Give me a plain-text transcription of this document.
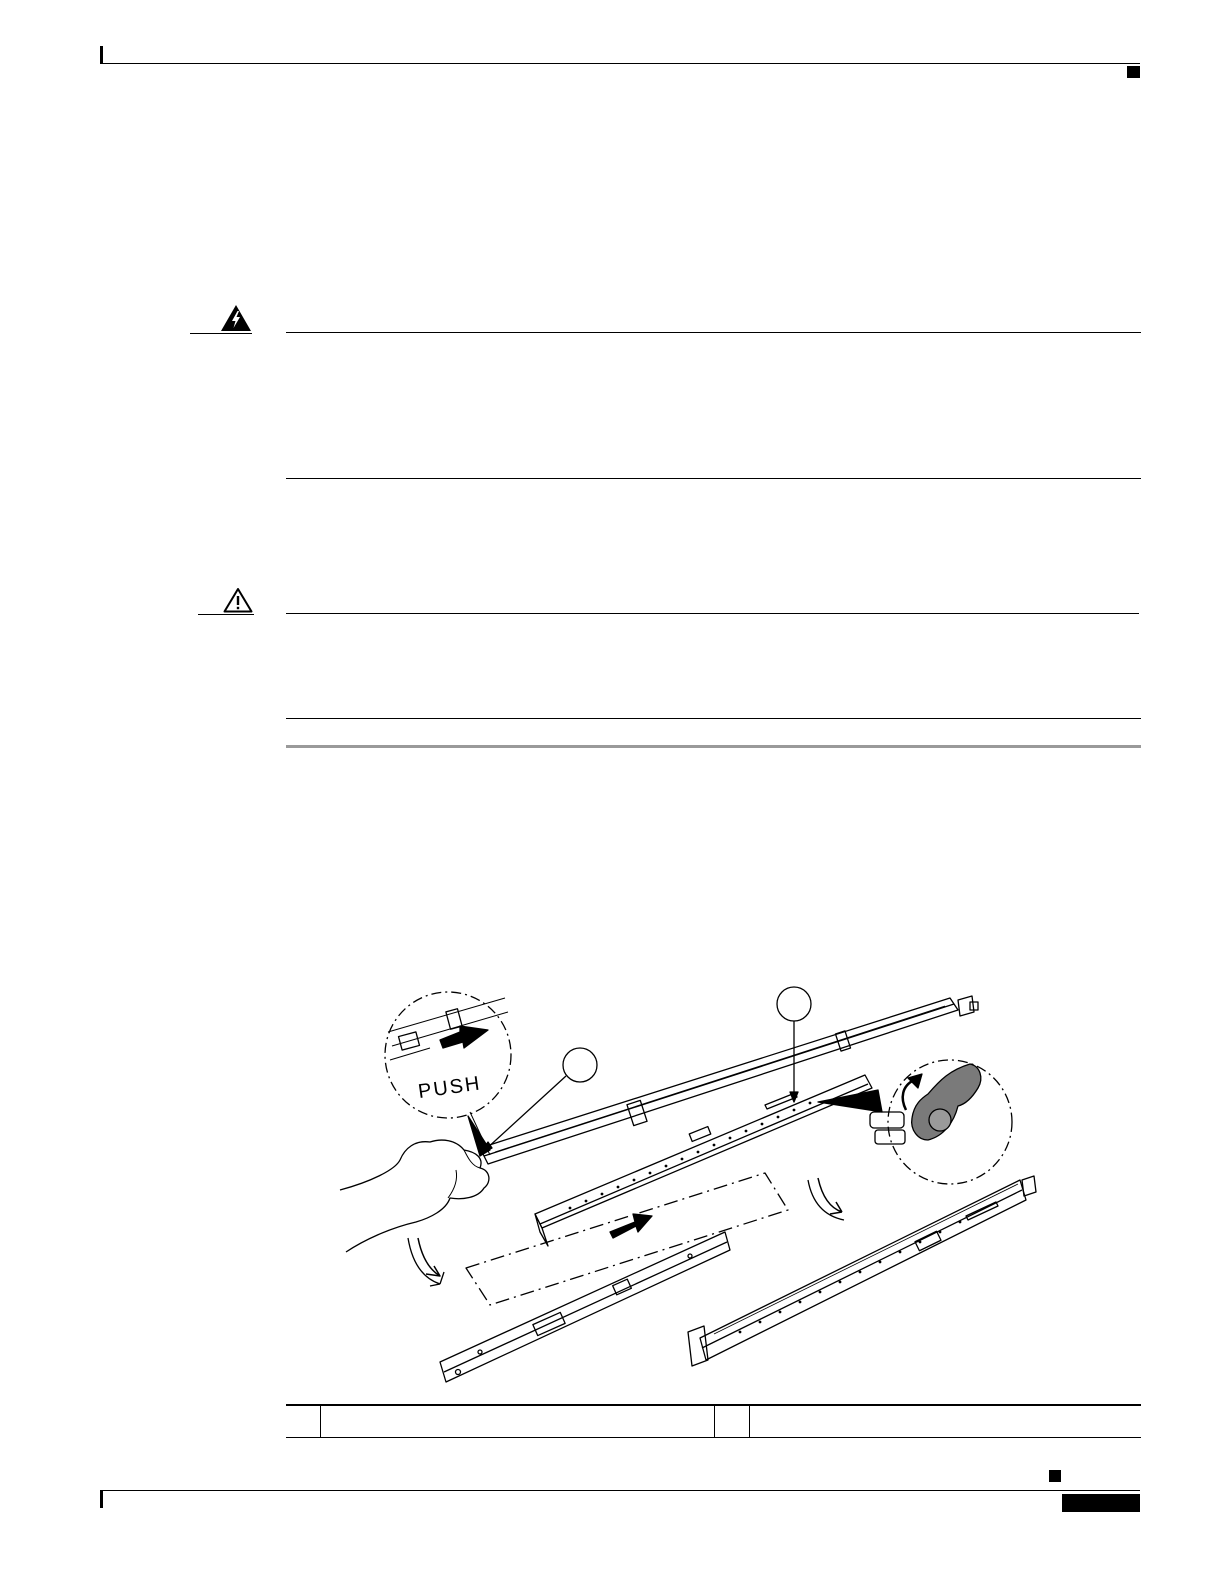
PUSH
